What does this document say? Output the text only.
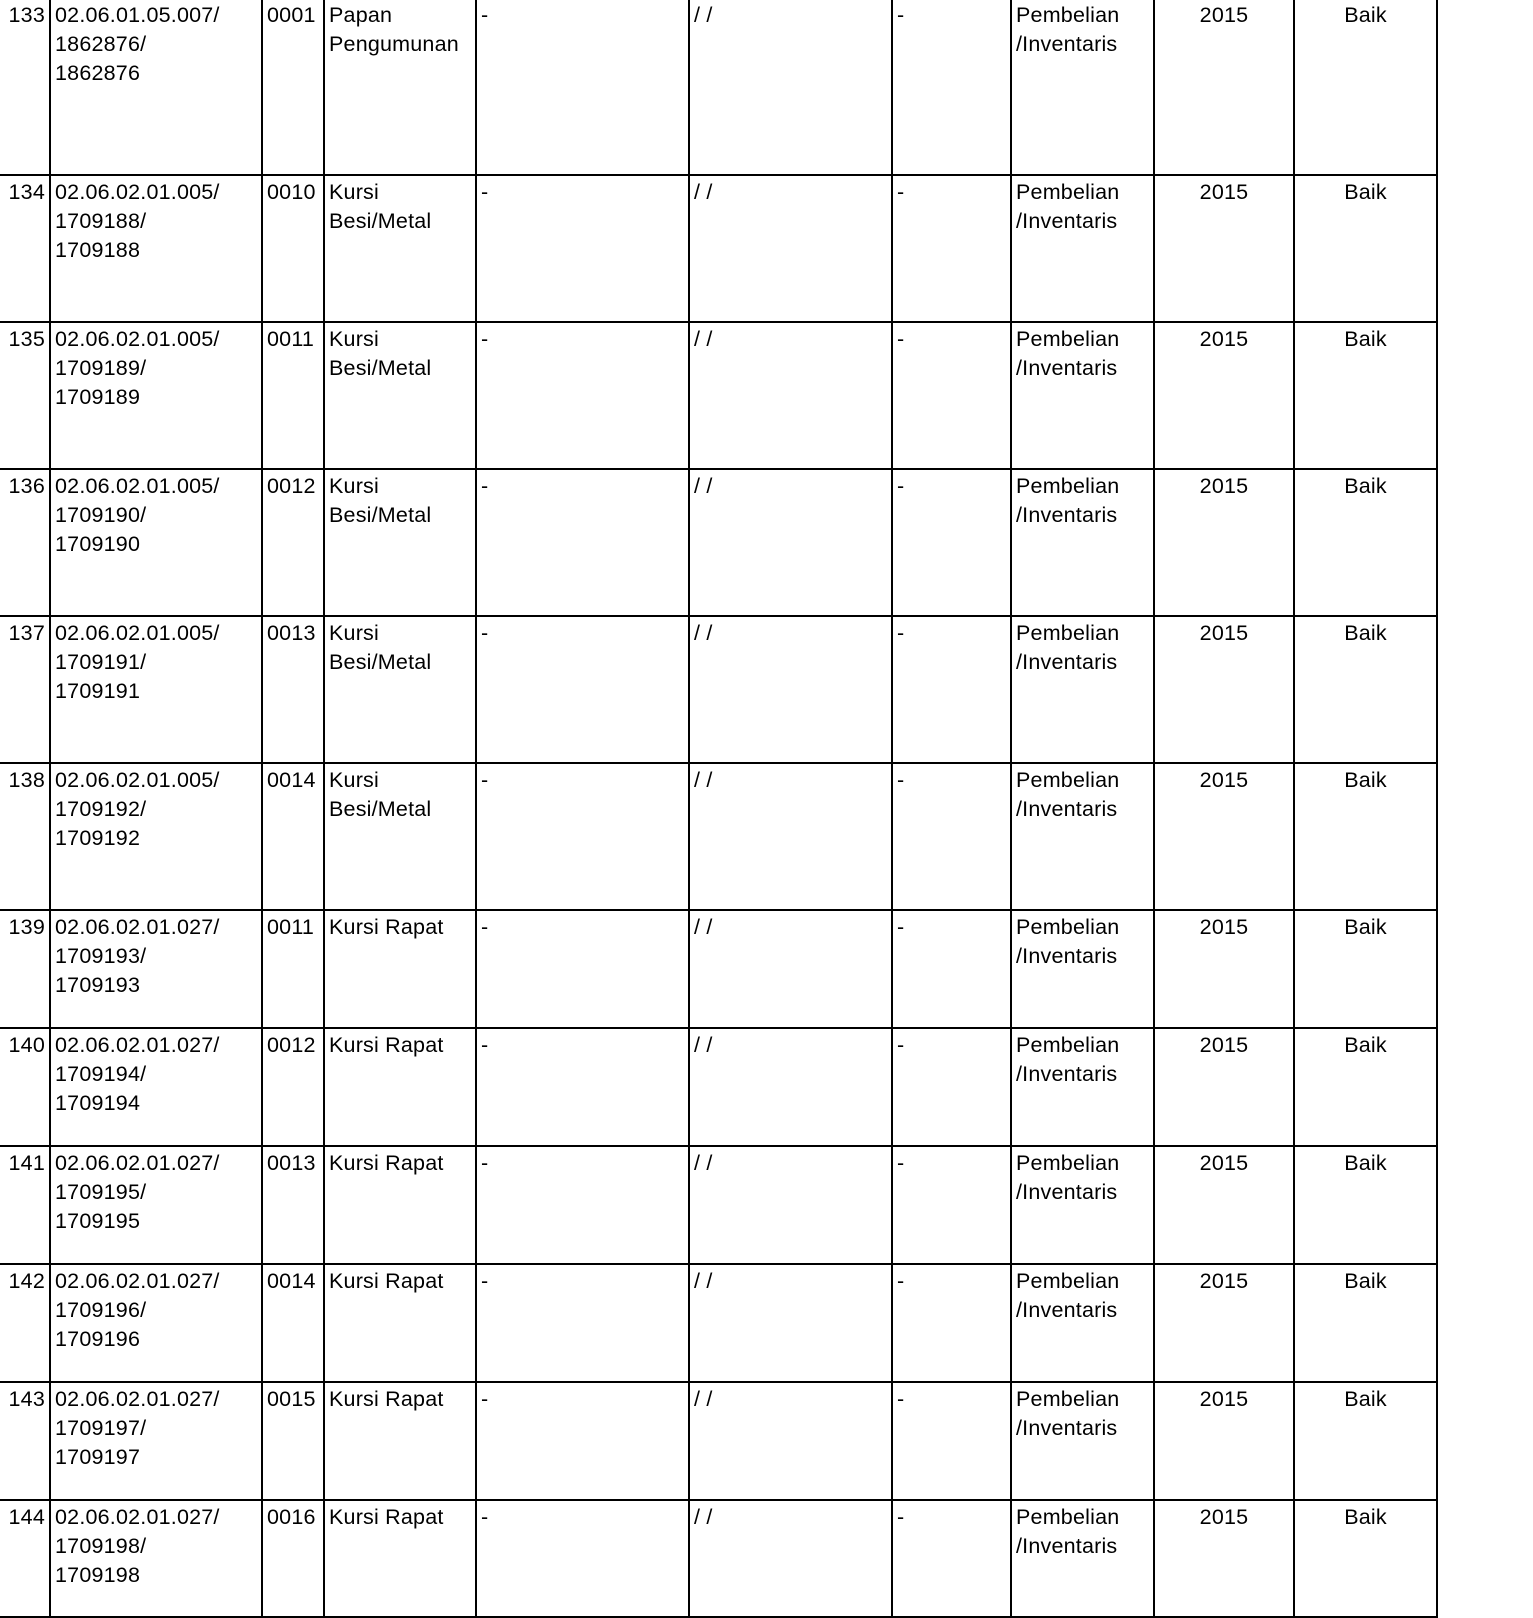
133	02.06.01.05.007/
1862876/
1862876	0001	Papan
Pengumunan	-	/ /	-	Pembelian
/Inventaris	2015	Baik
134	02.06.02.01.005/
1709188/
1709188	0010	Kursi
Besi/Metal	-	/ /	-	Pembelian
/Inventaris	2015	Baik
135	02.06.02.01.005/
1709189/
1709189	0011	Kursi
Besi/Metal	-	/ /	-	Pembelian
/Inventaris	2015	Baik
136	02.06.02.01.005/
1709190/
1709190	0012	Kursi
Besi/Metal	-	/ /	-	Pembelian
/Inventaris	2015	Baik
137	02.06.02.01.005/
1709191/
1709191	0013	Kursi
Besi/Metal	-	/ /	-	Pembelian
/Inventaris	2015	Baik
138	02.06.02.01.005/
1709192/
1709192	0014	Kursi
Besi/Metal	-	/ /	-	Pembelian
/Inventaris	2015	Baik
139	02.06.02.01.027/
1709193/
1709193	0011	Kursi Rapat	-	/ /	-	Pembelian
/Inventaris	2015	Baik
140	02.06.02.01.027/
1709194/
1709194	0012	Kursi Rapat	-	/ /	-	Pembelian
/Inventaris	2015	Baik
141	02.06.02.01.027/
1709195/
1709195	0013	Kursi Rapat	-	/ /	-	Pembelian
/Inventaris	2015	Baik
142	02.06.02.01.027/
1709196/
1709196	0014	Kursi Rapat	-	/ /	-	Pembelian
/Inventaris	2015	Baik
143	02.06.02.01.027/
1709197/
1709197	0015	Kursi Rapat	-	/ /	-	Pembelian
/Inventaris	2015	Baik
144	02.06.02.01.027/
1709198/
1709198	0016	Kursi Rapat	-	/ /	-	Pembelian
/Inventaris	2015	Baik
